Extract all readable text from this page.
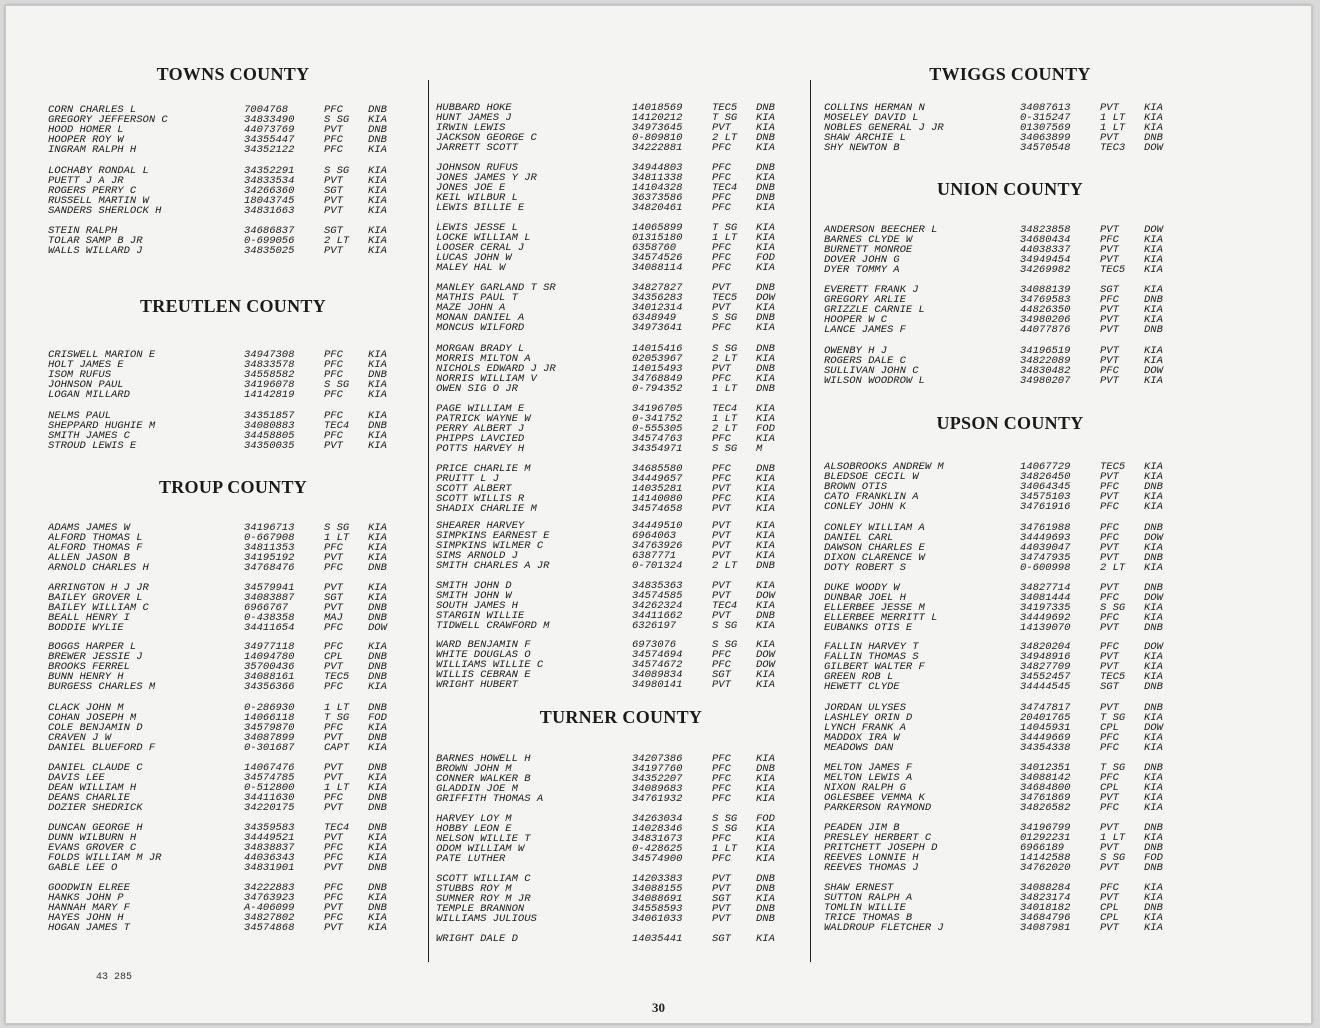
TOWNS COUNTY
CORN CHARLES L	7004768	PFC	DNB
GREGORY JEFFERSON C	34833490	S SG	KIA
HOOD HOMER L	44073769	PVT	DNB
HOOPER ROY W	34355447	PFC	DNB
INGRAM RALPH H	34352122	PFC	KIA
LOCHABY RONDAL L	34352291	S SG	KIA
PUETT J A JR	34833534	PVT	KIA
ROGERS PERRY C	34266360	SGT	KIA
RUSSELL MARTIN W	18043745	PVT	KIA
SANDERS SHERLOCK H	34831663	PVT	KIA
STEIN RALPH	34686837	SGT	KIA
TOLAR SAMP B JR	0-699056	2 LT	KIA
WALLS WILLARD J	34835025	PVT	KIA
TREUTLEN COUNTY
CRISWELL MARION E	34947308	PFC	KIA
HOLT JAMES E	34833578	PFC	KIA
ISOM RUFUS	34558582	PFC	DNB
JOHNSON PAUL	34196078	S SG	KIA
LOGAN MILLARD	14142819	PFC	KIA
NELMS PAUL	34351857	PFC	KIA
SHEPPARD HUGHIE M	34080883	TEC4	DNB
SMITH JAMES C	34458805	PFC	KIA
STROUD LEWIS E	34350035	PVT	KIA
TROUP COUNTY
ADAMS JAMES W	34196713	S SG	KIA
ALFORD THOMAS L	0-667908	1 LT	KIA
ALFORD THOMAS F	34811353	PFC	KIA
ALLEN JASON B	34195192	PVT	KIA
ARNOLD CHARLES H	34768476	PFC	DNB
ARRINGTON H J JR	34579941	PVT	KIA
BAILEY GROVER L	34083887	SGT	KIA
BAILEY WILLIAM C	6966767	PVT	DNB
BEALL HENRY I	0-438358	MAJ	DNB
BODDIE WYLIE	34411654	PFC	DOW
BOGGS HARPER L	34977118	PFC	KIA
BREWER JESSIE J	14094780	CPL	DNB
BROOKS FERREL	35700436	PVT	DNB
BUNN HENRY H	34088161	TEC5	DNB
BURGESS CHARLES M	34356366	PFC	KIA
CLACK JOHN M	0-286930	1 LT	DNB
COHAN JOSEPH M	14066118	T SG	FOD
COLE BENJAMIN D	34579870	PFC	KIA
CRAVEN J W	34087899	PVT	DNB
DANIEL BLUEFORD F	0-301687	CAPT	KIA
DANIEL CLAUDE C	14067476	PVT	DNB
DAVIS LEE	34574785	PVT	KIA
DEAN WILLIAM H	0-512800	1 LT	KIA
DEANS CHARLIE	34411630	PFC	DNB
DOZIER SHEDRICK	34220175	PVT	DNB
DUNCAN GEORGE H	34359583	TEC4	DNB
DUNN WILBURN H	34449521	PVT	KIA
EVANS GROVER C	34838837	PFC	KIA
FOLDS WILLIAM M JR	44036343	PFC	KIA
GABLE LEE O	34831901	PVT	DNB
GOODWIN ELREE	34222883	PFC	DNB
HANKS JOHN P	34763923	PFC	KIA
HANNAH MARY F	A-406099	PVT	DNB
HAYES JOHN H	34827802	PFC	KIA
HOGAN JAMES T	34574868	PVT	KIA
43 285
HUBBARD HOKE	14018569	TEC5	DNB
HUNT JAMES J	14120212	T SG	KIA
IRWIN LEWIS	34973645	PVT	KIA
JACKSON GEORGE C	0-809810	2 LT	DNB
JARRETT SCOTT	34222881	PFC	KIA
JOHNSON RUFUS	34944803	PFC	DNB
JONES JAMES Y JR	34811338	PFC	KIA
JONES JOE E	14104328	TEC4	DNB
KEIL WILBUR L	36373586	PFC	DNB
LEWIS BILLIE E	34820461	PFC	KIA
LEWIS JESSE L	14065899	T SG	KIA
LOCKE WILLIAM L	01315180	1 LT	KIA
LOOSER CERAL J	6358760	PFC	KIA
LUCAS JOHN W	34574526	PFC	FOD
MALEY HAL W	34088114	PFC	KIA
MANLEY GARLAND T SR	34827827	PVT	DNB
MATHIS PAUL T	34356283	TEC5	DOW
MAZE JOHN A	34012314	PVT	KIA
MONAN DANIEL A	6348949	S SG	DNB
MONCUS WILFORD	34973641	PFC	KIA
MORGAN BRADY L	14015416	S SG	DNB
MORRIS MILTON A	02053967	2 LT	KIA
NICHOLS EDWARD J JR	14015493	PVT	DNB
NORRIS WILLIAM V	34768849	PFC	KIA
OWEN SIG O JR	0-794352	1 LT	DNB
PAGE WILLIAM E	34196705	TEC4	KIA
PATRICK WAYNE W	0-341752	1 LT	KIA
PERRY ALBERT J	0-555305	2 LT	FOD
PHIPPS LAVCIED	34574763	PFC	KIA
POTTS HARVEY H	34354971	S SG	M
PRICE CHARLIE M	34685580	PFC	DNB
PRUITT L J	34449657	PFC	KIA
SCOTT ALBERT	14035281	PVT	KIA
SCOTT WILLIS R	14140080	PFC	KIA
SHADIX CHARLIE M	34574658	PVT	KIA
SHEARER HARVEY	34449510	PVT	KIA
SIMPKINS EARNEST E	6964063	PVT	KIA
SIMPKINS WILMER C	34763926	PVT	KIA
SIMS ARNOLD J	6387771	PVT	KIA
SMITH CHARLES A JR	0-701324	2 LT	DNB
SMITH JOHN D	34835363	PVT	KIA
SMITH JOHN W	34574585	PVT	DOW
SOUTH JAMES H	34262324	TEC4	KIA
STARGIN WILLIE	34411662	PVT	DNB
TIDWELL CRAWFORD M	6326197	S SG	KIA
WARD BENJAMIN F	6973076	S SG	KIA
WHITE DOUGLAS O	34574694	PFC	DOW
WILLIAMS WILLIE C	34574672	PFC	DOW
WILLIS CEBRAN E	34089834	SGT	KIA
WRIGHT HUBERT	34980141	PVT	KIA
TURNER COUNTY
BARNES HOWELL H	34207386	PFC	KIA
BROWN JOHN M	34197760	PFC	DNB
CONNER WALKER B	34352207	PFC	KIA
GLADDIN JOE M	34089683	PFC	KIA
GRIFFITH THOMAS A	34761932	PFC	KIA
HARVEY LOY M	34263034	S SG	FOD
HOBBY LEON E	14028346	S SG	KIA
NELSON WILLIE T	34831673	PFC	KIA
ODOM WILLIAM W	0-428625	1 LT	KIA
PATE LUTHER	34574900	PFC	KIA
SCOTT WILLIAM C	14203383	PVT	DNB
STUBBS ROY M	34088155	PVT	DNB
SUMNER ROY M JR	34088691	SGT	KIA
TEMPLE BRANNON	34558593	PVT	DNB
WILLIAMS JULIOUS	34061033	PVT	DNB
WRIGHT DALE D	14035441	SGT	KIA
TWIGGS COUNTY
COLLINS HERMAN N	34087613	PVT	KIA
MOSELEY DAVID L	0-315247	1 LT	KIA
NOBLES GENERAL J JR	01307569	1 LT	KIA
SHAW ARCHIE L	34063899	PVT	DNB
SHY NEWTON B	34570548	TEC3	DOW
UNION COUNTY
ANDERSON BEECHER L	34823858	PVT	DOW
BARNES CLYDE W	34680434	PFC	KIA
BURNETT MONROE	44038337	PVT	KIA
DOVER JOHN G	34949454	PVT	KIA
DYER TOMMY A	34269982	TEC5	KIA
EVERETT FRANK J	34088139	SGT	KIA
GREGORY ARLIE	34769583	PFC	DNB
GRIZZLE CARNIE L	44826350	PVT	KIA
HOOPER W C	34980206	PVT	KIA
LANCE JAMES F	44077876	PVT	DNB
OWENBY H J	34196519	PVT	KIA
ROGERS DALE C	34822089	PVT	KIA
SULLIVAN JOHN C	34830482	PFC	DOW
WILSON WOODROW L	34980207	PVT	KIA
UPSON COUNTY
ALSOBROOKS ANDREW M	14067729	TEC5	KIA
BLEDSOE CECIL W	34826450	PVT	KIA
BROWN OTIS	34064345	PFC	DNB
CATO FRANKLIN A	34575103	PVT	KIA
CONLEY JOHN K	34761916	PFC	KIA
CONLEY WILLIAM A	34761988	PFC	DNB
DANIEL CARL	34449693	PFC	DOW
DAWSON CHARLES E	44039047	PVT	KIA
DIXON CLARENCE W	34747935	PVT	DNB
DOTY ROBERT S	0-600998	2 LT	KIA
DUKE WOODY W	34827714	PVT	DNB
DUNBAR JOEL H	34081444	PFC	DOW
ELLERBEE JESSE M	34197335	S SG	KIA
ELLERBEE MERRITT L	34449692	PFC	KIA
EUBANKS OTIS E	14139070	PVT	DNB
FALLIN HARVEY T	34820204	PFC	DOW
FALLIN THOMAS S	34948916	PVT	KIA
GILBERT WALTER F	34827709	PVT	KIA
GREEN ROB L	34552457	TEC5	KIA
HEWETT CLYDE	34444545	SGT	DNB
JORDAN ULYSES	34747817	PVT	DNB
LASHLEY ORIN D	20401765	T SG	KIA
LYNCH FRANK A	14045931	CPL	DOW
MADDOX IRA W	34449669	PFC	KIA
MEADOWS DAN	34354338	PFC	KIA
MELTON JAMES F	34012351	T SG	DNB
MELTON LEWIS A	34088142	PFC	KIA
NIXON RALPH G	34684800	CPL	KIA
OGLESBEE VEMMA K	34761869	PVT	KIA
PARKERSON RAYMOND	34826582	PFC	KIA
PEADEN JIM B	34196799	PVT	DNB
PRESLEY HERBERT C	01292231	1 LT	KIA
PRITCHETT JOSEPH D	6966189	PVT	DNB
REEVES LONNIE H	14142588	S SG	FOD
REEVES THOMAS J	34762020	PVT	DNB
SHAW ERNEST	34088284	PFC	KIA
SUTTON RALPH A	34823174	PVT	KIA
TOMLIN WILLIE	34018182	CPL	DNB
TRICE THOMAS B	34684796	CPL	KIA
WALDROUP FLETCHER J	34087981	PVT	KIA
30
